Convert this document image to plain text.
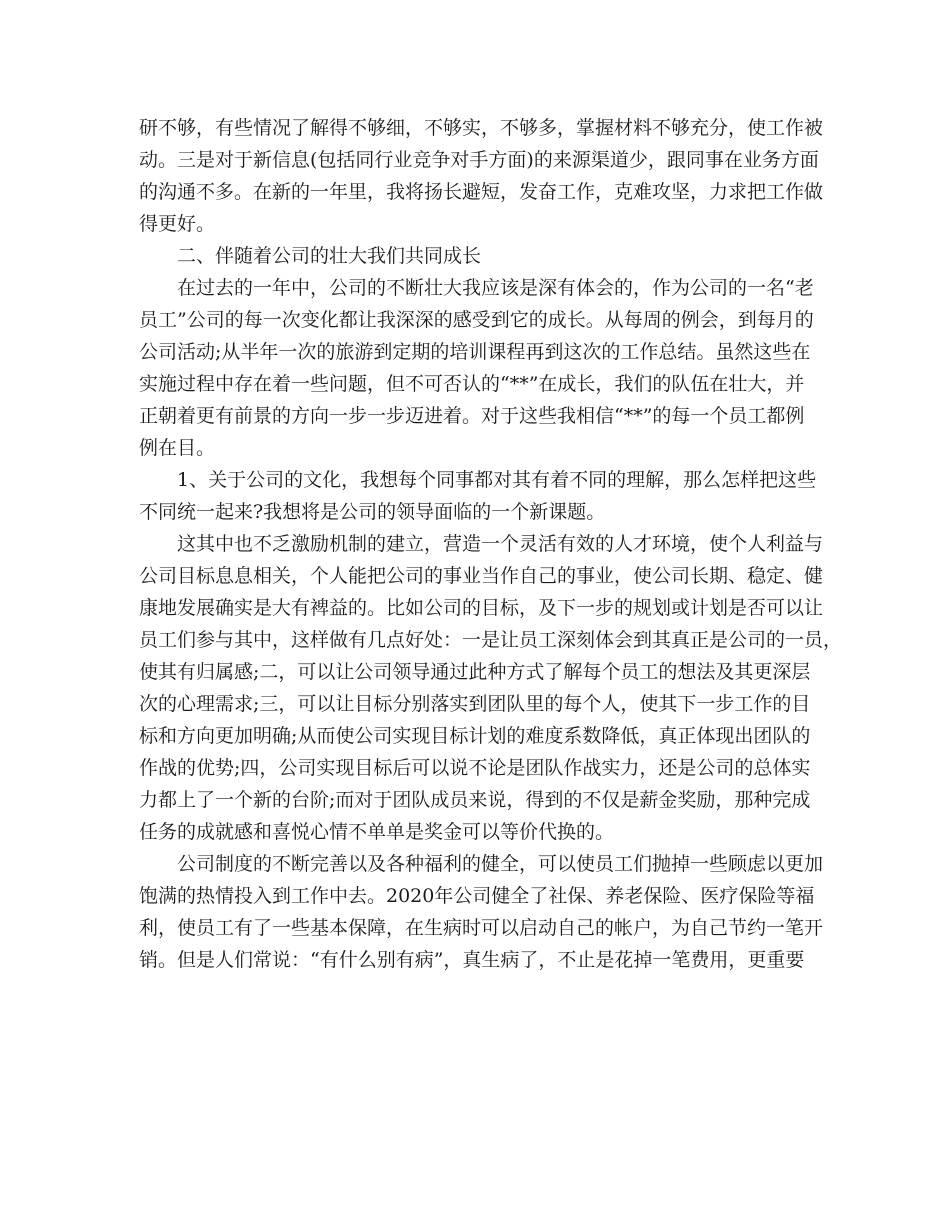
研不够，有些情况了解得不够细，不够实，不够多，掌握材料不够充分，使工作被
动。三是对于新信息(包括同行业竞争对手方面)的来源渠道少，跟同事在业务方面
的沟通不多。在新的一年里，我将扬长避短，发奋工作，克难攻坚，力求把工作做
得更好。
二、伴随着公司的壮大我们共同成长
在过去的一年中，公司的不断壮大我应该是深有体会的，作为公司的一名“老
员工”公司的每一次变化都让我深深的感受到它的成长。从每周的例会，到每月的
公司活动;从半年一次的旅游到定期的培训课程再到这次的工作总结。虽然这些在
实施过程中存在着一些问题，但不可否认的“**”在成长，我们的队伍在壮大，并
正朝着更有前景的方向一步一步迈进着。对于这些我相信“**”的每一个员工都例
例在目。
1、关于公司的文化，我想每个同事都对其有着不同的理解，那么怎样把这些
不同统一起来?我想将是公司的领导面临的一个新课题。
这其中也不乏激励机制的建立，营造一个灵活有效的人才环境，使个人利益与
公司目标息息相关，个人能把公司的事业当作自己的事业，使公司长期、稳定、健
康地发展确实是大有裨益的。比如公司的目标，及下一步的规划或计划是否可以让
员工们参与其中，这样做有几点好处：一是让员工深刻体会到其真正是公司的一员，
使其有归属感;二，可以让公司领导通过此种方式了解每个员工的想法及其更深层
次的心理需求;三，可以让目标分别落实到团队里的每个人，使其下一步工作的目
标和方向更加明确;从而使公司实现目标计划的难度系数降低，真正体现出团队的
作战的优势;四，公司实现目标后可以说不论是团队作战实力，还是公司的总体实
力都上了一个新的台阶;而对于团队成员来说，得到的不仅是薪金奖励，那种完成
任务的成就感和喜悦心情不单单是奖金可以等价代换的。
公司制度的不断完善以及各种福利的健全，可以使员工们抛掉一些顾虑以更加
饱满的热情投入到工作中去。2020年公司健全了社保、养老保险、医疗保险等福
利，使员工有了一些基本保障，在生病时可以启动自己的帐户，为自己节约一笔开
销。但是人们常说：“有什么别有病”，真生病了，不止是花掉一笔费用，更重要
